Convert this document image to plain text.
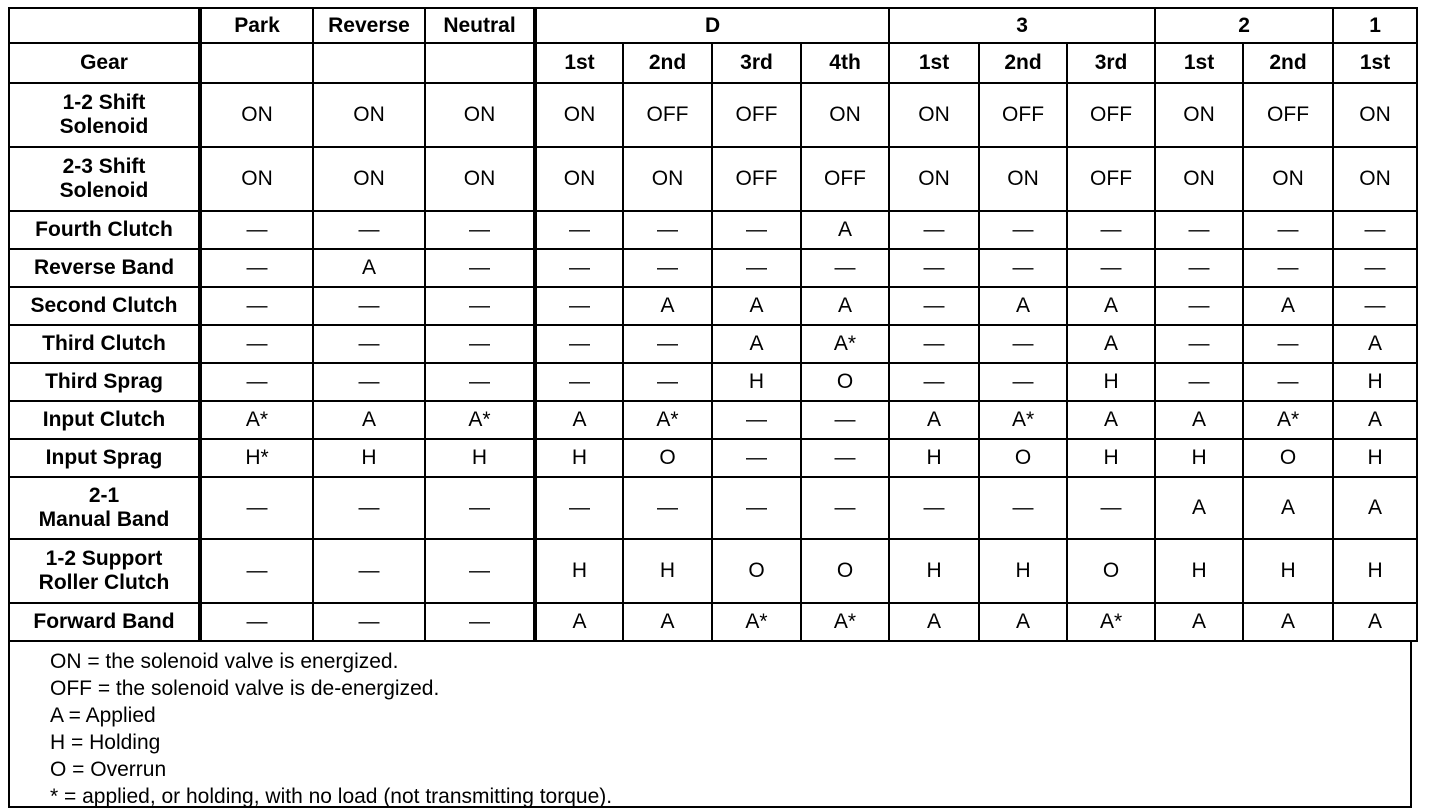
	Park	Reverse	Neutral	D				3			2		1
Gear				1st	2nd	3rd	4th	1st	2nd	3rd	1st	2nd	1st

1-2 Shift
Solenoid	ON	ON	ON	ON	OFF	OFF	ON	ON	OFF	OFF	ON	OFF	ON

2-3 Shift
Solenoid	ON	ON	ON	ON	ON	OFF	OFF	ON	ON	OFF	ON	ON	ON

Fourth Clutch	—	—	—	—	—	—	A	—	—	—	—	—	—

Reverse Band	—	A	—	—	—	—	—	—	—	—	—	—	—

Second Clutch	—	—	—	—	A	A	A	—	A	A	—	A	—

Third Clutch	—	—	—	—	—	A	A*	—	—	A	—	—	A

Third Sprag	—	—	—	—	—	H	O	—	—	H	—	—	H

Input Clutch	A*	A	A*	A	A*	—	—	A	A*	A	A	A*	A

Input Sprag	H*	H	H	H	O	—	—	H	O	H	H	O	H

2-1
Manual Band	—	—	—	—	—	—	—	—	—	—	A	A	A

1-2 Support
Roller Clutch	—	—	—	H	H	O	O	H	H	O	H	H	H

Forward Band	—	—	—	A	A	A*	A*	A	A	A*	A	A	A
ON = the solenoid valve is energized.
OFF = the solenoid valve is de-energized.
A = Applied
H = Holding
O = Overrun
* = applied, or holding, with no load (not transmitting torque).
